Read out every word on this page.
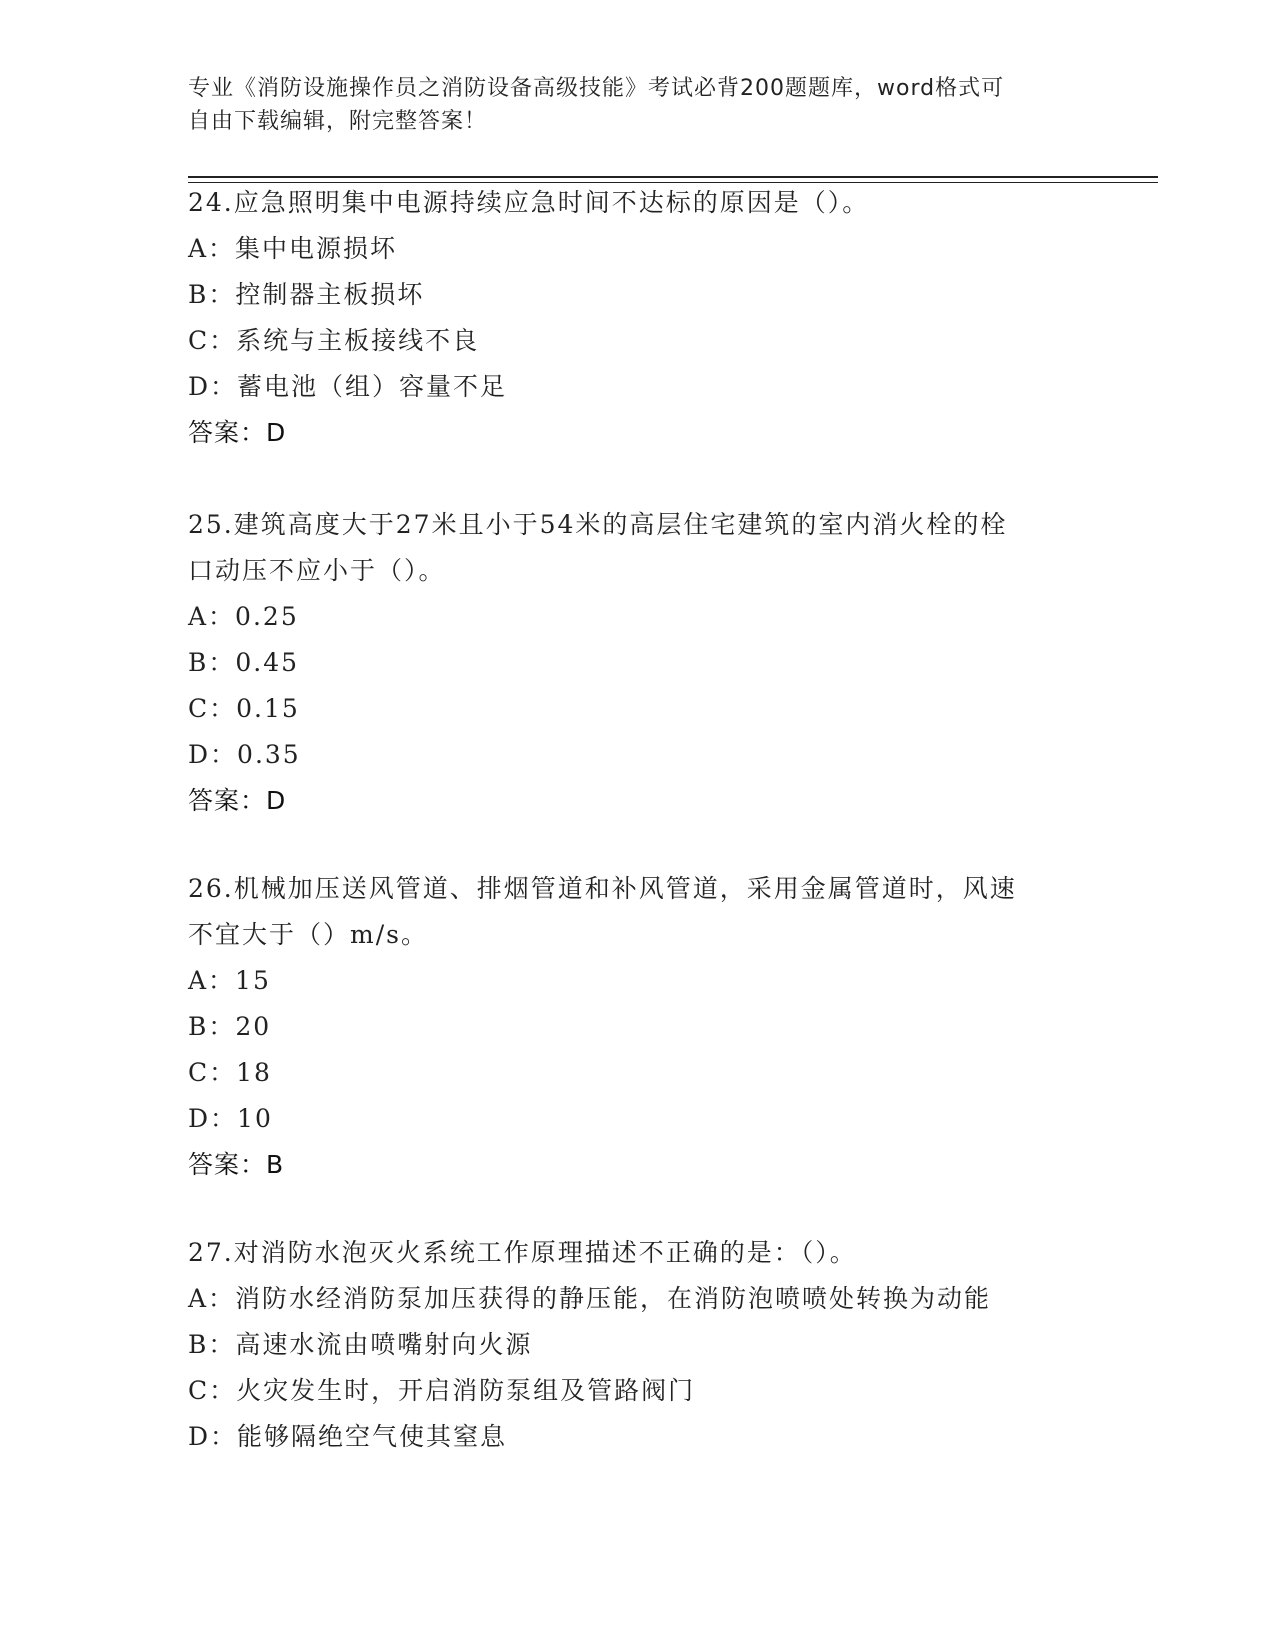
专业《消防设施操作员之消防设备高级技能》考试必背200题题库，word格式可
自由下载编辑，附完整答案！

24.应急照明集中电源持续应急时间不达标的原因是（）。

A：集中电源损坏

B：控制器主板损坏

C：系统与主板接线不良

D：蓄电池（组）容量不足

答案：D

25.建筑高度大于27米且小于54米的高层住宅建筑的室内消火栓的栓

口动压不应小于（）。

A：0.25

B：0.45

C：0.15

D：0.35

答案：D

26.机械加压送风管道、排烟管道和补风管道，采用金属管道时，风速

不宜大于（）m/s。

A：15

B：20

C：18

D：10

答案：B

27.对消防水泡灭火系统工作原理描述不正确的是：（）。

A：消防水经消防泵加压获得的静压能，在消防泡喷喷处转换为动能

B：高速水流由喷嘴射向火源

C：火灾发生时，开启消防泵组及管路阀门

D：能够隔绝空气使其窒息
